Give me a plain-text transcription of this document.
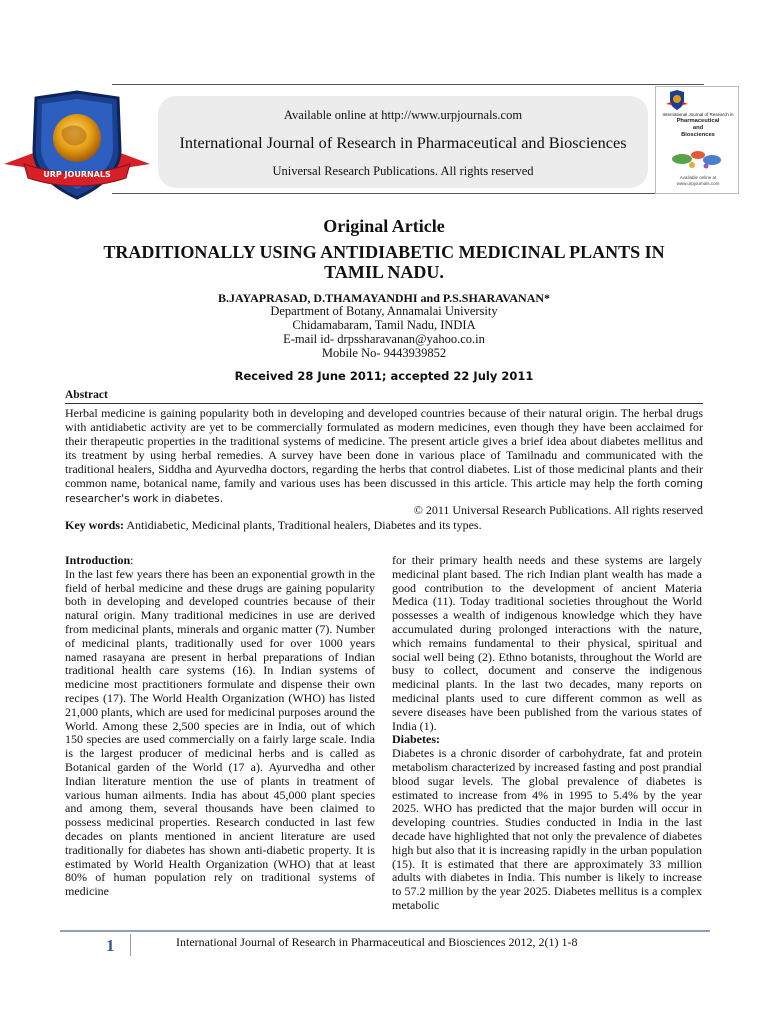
Available online at http://www.urpjournals.com
International Journal of Research in Pharmaceutical and Biosciences
Universal Research Publications. All rights reserved
URP JOURNALS
International Journal of Research in
Pharmaceutical
and
Biosciences
Available online at
www.urpjournals.com
Original Article
TRADITIONALLY USING ANTIDIABETIC MEDICINAL PLANTS IN
TAMIL NADU.
B.JAYAPRASAD, D.THAMAYANDHI and P.S.SHARAVANAN*
Department of Botany, Annamalai University
Chidamabaram, Tamil Nadu, INDIA
E-mail id- drpssharavanan@yahoo.co.in
Mobile No- 9443939852
Received 28 June 2011; accepted 22 July 2011
Abstract
Herbal medicine is gaining popularity both in developing and developed countries because of their natural origin. The herbal drugs with antidiabetic activity are yet to be commercially formulated as modern medicines, even though they have been acclaimed for their therapeutic properties in the traditional systems of medicine. The present article gives a brief idea about diabetes mellitus and its treatment by using herbal remedies. A survey have been done in various place of Tamilnadu and communicated with the traditional healers, Siddha and Ayurvedha doctors, regarding the herbs that control diabetes. List of those medicinal plants and their common name, botanical name, family and various uses has been discussed in this article. This article may help the forth coming researcher's work in diabetes.
© 2011 Universal Research Publications. All rights reserved
Key words: Antidiabetic, Medicinal plants, Traditional healers, Diabetes and its types.
Introduction:
In the last few years there has been an exponential growth in the field of herbal medicine and these drugs are gaining popularity both in developing and developed countries because of their natural origin. Many traditional medicines in use are derived from medicinal plants, minerals and organic matter (7). Number of medicinal plants, traditionally used for over 1000 years named rasayana are present in herbal preparations of Indian traditional health care systems (16). In Indian systems of medicine most practitioners formulate and dispense their own recipes (17). The World Health Organization (WHO) has listed 21,000 plants, which are used for medicinal purposes around the World. Among these 2,500 species are in India, out of which 150 species are used commercially on a fairly large scale. India is the largest producer of medicinal herbs and is called as Botanical garden of the World (17 a). Ayurvedha and other Indian literature mention the use of plants in treatment of various human ailments. India has about 45,000 plant species and among them, several thousands have been claimed to possess medicinal properties. Research conducted in last few decades on plants mentioned in ancient literature are used traditionally for diabetes has shown anti-diabetic property. It is estimated by World Health Organization (WHO) that at least 80% of human population rely on traditional systems of medicine
for their primary health needs and these systems are largely medicinal plant based. The rich Indian plant wealth has made a good contribution to the development of ancient Materia Medica (11). Today traditional societies throughout the World possesses a wealth of indigenous knowledge which they have accumulated during prolonged interactions with the nature, which remains fundamental to their physical, spiritual and social well being (2). Ethno botanists, throughout the World are busy to collect, document and conserve the indigenous medicinal plants. In the last two decades, many reports on medicinal plants used to cure different common as well as severe diseases have been published from the various states of India (1).
Diabetes:
Diabetes is a chronic disorder of carbohydrate, fat and protein metabolism characterized by increased fasting and post prandial blood sugar levels. The global prevalence of diabetes is estimated to increase from 4% in 1995 to 5.4% by the year 2025. WHO has predicted that the major burden will occur in developing countries. Studies conducted in India in the last decade have highlighted that not only the prevalence of diabetes high but also that it is increasing rapidly in the urban population (15). It is estimated that there are approximately 33 million adults with diabetes in India. This number is likely to increase to 57.2 million by the year 2025. Diabetes mellitus is a complex metabolic
1	International Journal of Research in Pharmaceutical and Biosciences 2012, 2(1) 1-8
